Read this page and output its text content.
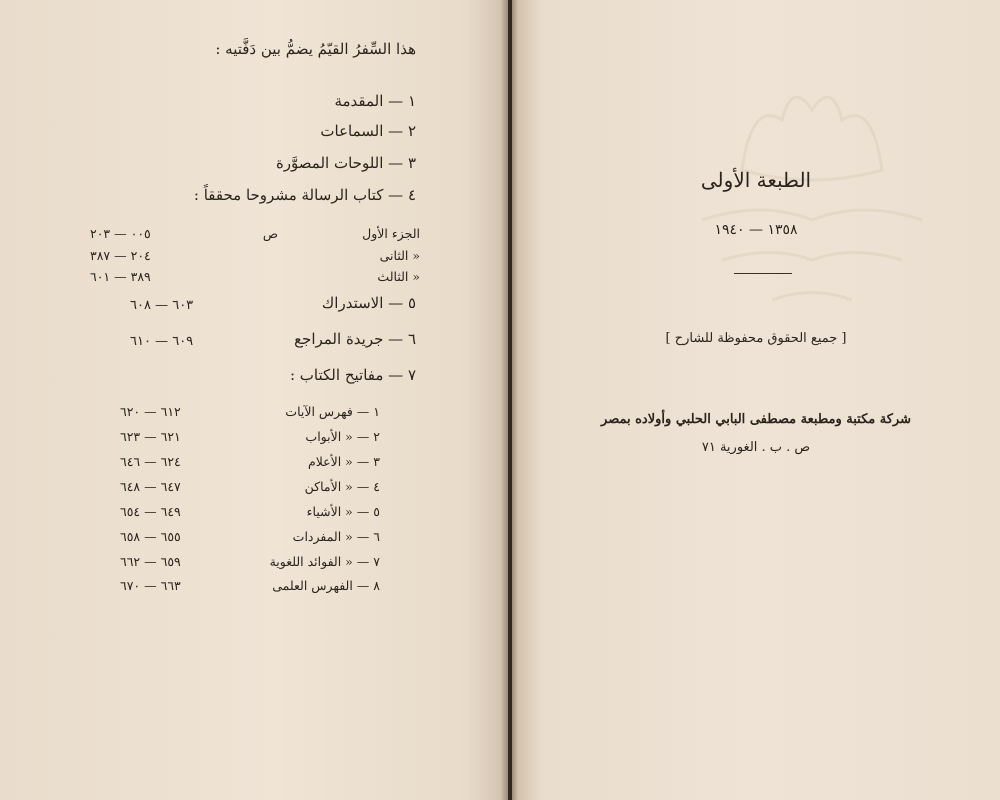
هذا السِّفرُ القيّمُ يضمُّ بين دَفَّتيه :
١ — المقدمة
٢ — السماعات
٣ — اللوحات المصوَّرة
٤ — كتاب الرسالة مشروحا محققاً :
الجزء الأول
ص
٠٠٥ — ٢٠٣
« الثانى
٢٠٤ — ٣٨٧
« الثالث
٣٨٩ — ٦٠١
٥ — الاستدراك
٦٠٣ — ٦٠٨
٦ — جريدة المراجع
٦٠٩ — ٦١٠
٧ — مفاتيح الكتاب :
١ — فهرس الآيات
٦١٢ — ٦٢٠
٢ — « الأبواب
٦٢١ — ٦٢٣
٣ — « الأعلام
٦٢٤ — ٦٤٦
٤ — « الأماكن
٦٤٧ — ٦٤٨
٥ — « الأشياء
٦٤٩ — ٦٥٤
٦ — « المفردات
٦٥٥ — ٦٥٨
٧ — « الفوائد اللغوية
٦٥٩ — ٦٦٢
٨ — الفهرس العلمى
٦٦٣ — ٦٧٠
الطبعة الأولى
١٣٥٨ — ١٩٤٠
[ جميع الحقوق محفوظة للشارح ]
شركة مكتبة ومطبعة مصطفى البابي الحلبي وأولاده بمصر
ص . ب . الغورية ٧١
